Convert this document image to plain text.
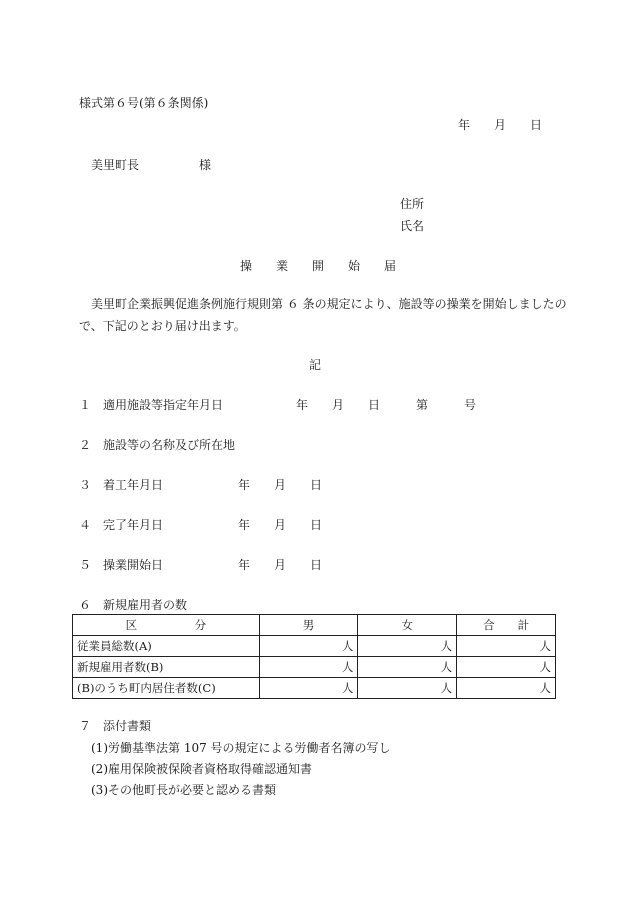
様式第６号(第６条関係)
年　　月　　日
美里町長　　　　　様
住所
氏名
操 業 開 始 届
美里町企業振興促進条例施行規則第 ６ 条の規定により、施設等の操業を開始しましたの
で、下記のとおり届け出ます。
記
１　適用施設等指定年月日	年　　月　　日　　　第　　　号
２　施設等の名称及び所在地
３　着工年月日	年　　月　　日
４　完了年月日	年　　月　　日
５　操業開始日	年　　月　　日
６　新規雇用者の数
区　　　　　分	男	女	合　　計
従業員総数(A)	人	人	人
新規雇用者数(B)	人	人	人
(B)のうち町内居住者数(C)	人	人	人
７　添付書類
(1)労働基準法第 107 号の規定による労働者名簿の写し
(2)雇用保険被保険者資格取得確認通知書
(3)その他町長が必要と認める書類
